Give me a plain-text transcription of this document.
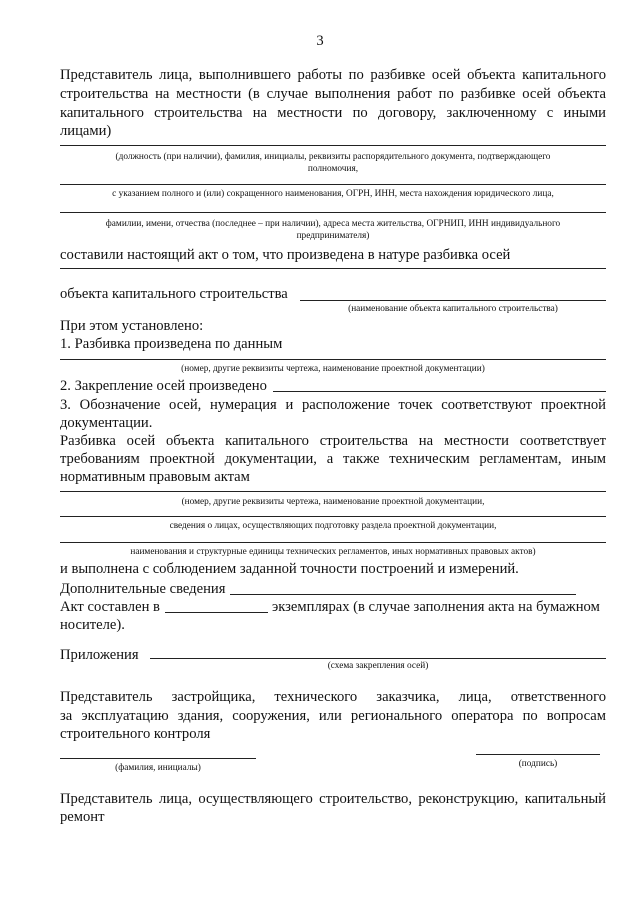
3
Представитель лица, выполнившего работы по разбивке осей объекта капитального
строительства на местности (в случае выполнения работ по разбивке осей объекта
капитального строительства на местности по договору, заключенному с иными
лицами)
(должность (при наличии), фамилия, инициалы, реквизиты распорядительного документа, подтверждающего
полномочия,
с указанием полного и (или) сокращенного наименования, ОГРН, ИНН, места нахождения юридического лица,
фамилии, имени, отчества (последнее – при наличии), адреса места жительства, ОГРНИП, ИНН индивидуального
предпринимателя)
составили настоящий акт о том, что произведена в натуре разбивка осей
объекта капитального строительства
(наименование объекта капитального строительства)
При этом установлено:
1. Разбивка произведена по данным
(номер, другие реквизиты чертежа, наименование проектной документации)
2. Закрепление осей произведено
3. Обозначение осей, нумерация и расположение точек соответствуют проектной
документации.
Разбивка осей объекта капитального строительства на местности соответствует
требованиям проектной документации, а также техническим регламентам, иным
нормативным правовым актам
(номер, другие реквизиты чертежа, наименование проектной документации,
сведения о лицах, осуществляющих подготовку раздела проектной документации,
наименования и структурные единицы технических регламентов, иных нормативных правовых актов)
и выполнена с соблюдением заданной точности построений и измерений.
Дополнительные сведения
Акт составлен в	экземплярах (в случае заполнения акта на бумажном
носителе).
Приложения
(схема закрепления осей)
Представитель застройщика, технического заказчика, лица, ответственного
за эксплуатацию здания, сооружения, или регионального оператора по вопросам
строительного контроля
(фамилия, инициалы)	(подпись)
Представитель лица, осуществляющего строительство, реконструкцию, капитальный
ремонт
